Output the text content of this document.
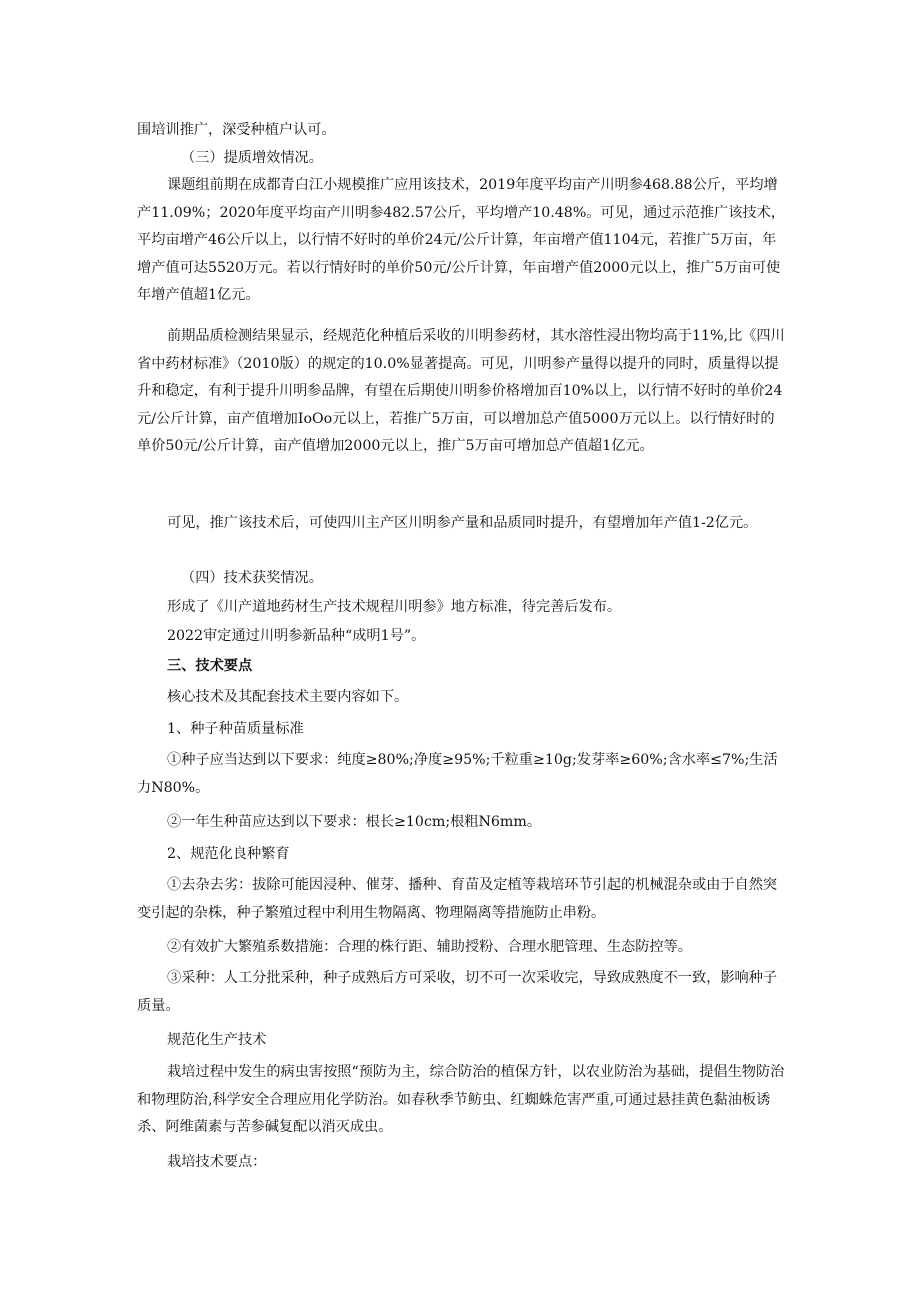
围培训推广，深受种植户认可。

（三）提质增效情况。

课题组前期在成都青白江小规模推广应用该技术，2019年度平均亩产川明参468.88公斤，平均增产11.09%；2020年度平均亩产川明参482.57公斤，平均增产10.48%。可见，通过示范推广该技术，平均亩增产46公斤以上，以行情不好时的单价24元/公斤计算，年亩增产值1104元，若推广5万亩，年增产值可达5520万元。若以行情好时的单价50元/公斤计算，年亩增产值2000元以上，推广5万亩可使年增产值超1亿元。

前期品质检测结果显示，经规范化种植后采收的川明参药材，其水溶性浸出物均高于11%,比《四川省中药材标准》（2010版）的规定的10.0%显著提高。可见，川明参产量得以提升的同时，质量得以提升和稳定，有利于提升川明参品牌，有望在后期使川明参价格增加百10%以上，以行情不好时的单价24元/公斤计算，亩产值增加IoOo元以上，若推广5万亩，可以增加总产值5000万元以上。以行情好时的单价50元/公斤计算，亩产值增加2000元以上，推广5万亩可增加总产值超1亿元。

可见，推广该技术后，可使四川主产区川明参产量和品质同时提升，有望增加年产值1-2亿元。

（四）技术获奖情况。

形成了《川产道地药材生产技术规程川明参》地方标准，待完善后发布。

2022审定通过川明参新品种“成明1号”。

三、技术要点

核心技术及其配套技术主要内容如下。

1、种子种苗质量标准

①种子应当达到以下要求：纯度≥80%;净度≥95%;千粒重≥10g;发芽率≥60%;含水率≤7%;生活力N80%。

②一年生种苗应达到以下要求：根长≥10cm;根粗N6mm。

2、规范化良种繁育

①去杂去劣：拔除可能因浸种、催芽、播种、育苗及定植等栽培环节引起的机械混杂或由于自然突变引起的杂株，种子繁殖过程中利用生物隔离、物理隔离等措施防止串粉。

②有效扩大繁殖系数措施：合理的株行距、辅助授粉、合理水肥管理、生态防控等。

③采种：人工分批采种，种子成熟后方可采收，切不可一次采收完，导致成熟度不一致，影响种子质量。

规范化生产技术

栽培过程中发生的病虫害按照“预防为主，综合防治的植保方针，以农业防治为基础，提倡生物防治和物理防治,科学安全合理应用化学防治。如春秋季节鲂虫、红蜘蛛危害严重,可通过悬挂黄色黏油板诱杀、阿维菌素与苦参碱复配以消灭成虫。

栽培技术要点：
